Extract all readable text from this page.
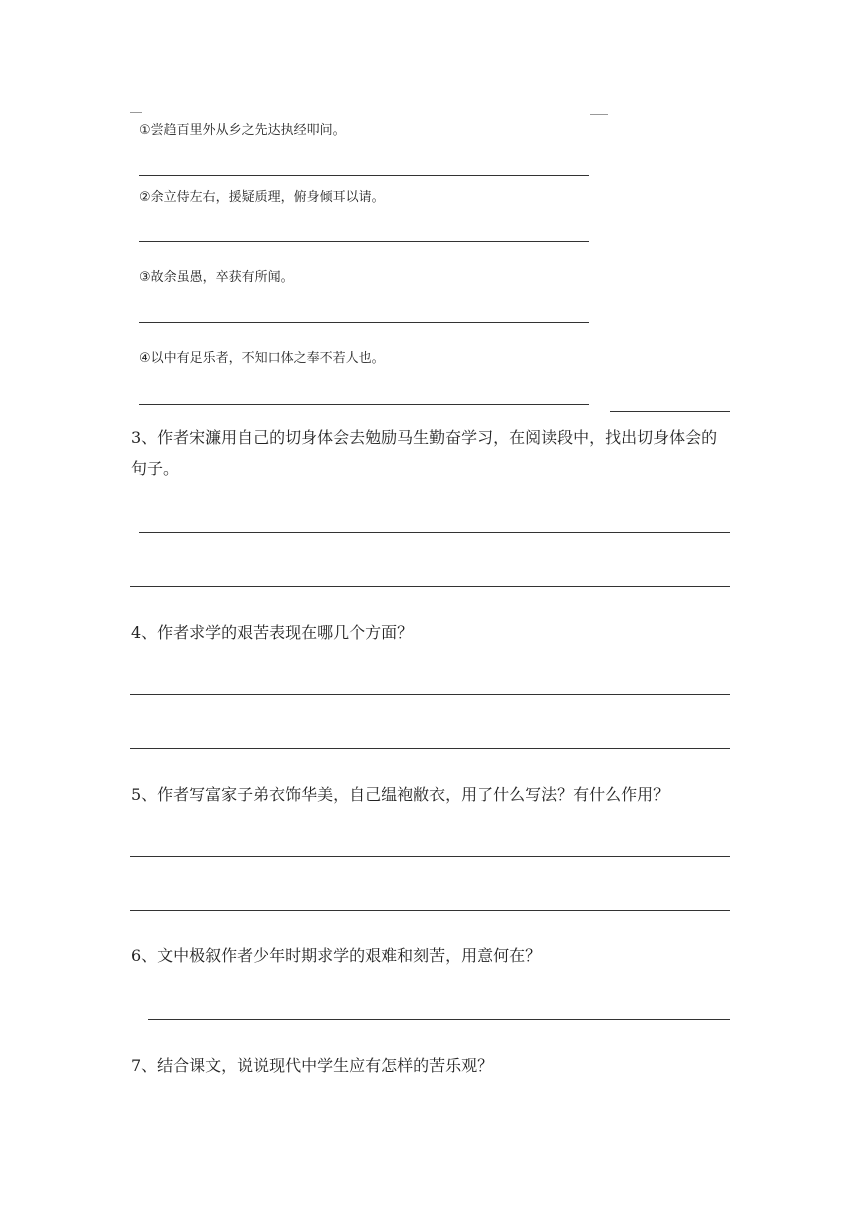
①尝趋百里外从乡之先达执经叩问。
②余立侍左右，援疑质理，俯身倾耳以请。
③故余虽愚，卒获有所闻。
④以中有足乐者，不知口体之奉不若人也。
3、作者宋濂用自己的切身体会去勉励马生勤奋学习，在阅读段中，找出切身体会的句子。
4、作者求学的艰苦表现在哪几个方面？
5、作者写富家子弟衣饰华美，自己缊袍敝衣，用了什么写法？有什么作用？
6、文中极叙作者少年时期求学的艰难和刻苦，用意何在？
7、结合课文，说说现代中学生应有怎样的苦乐观？
